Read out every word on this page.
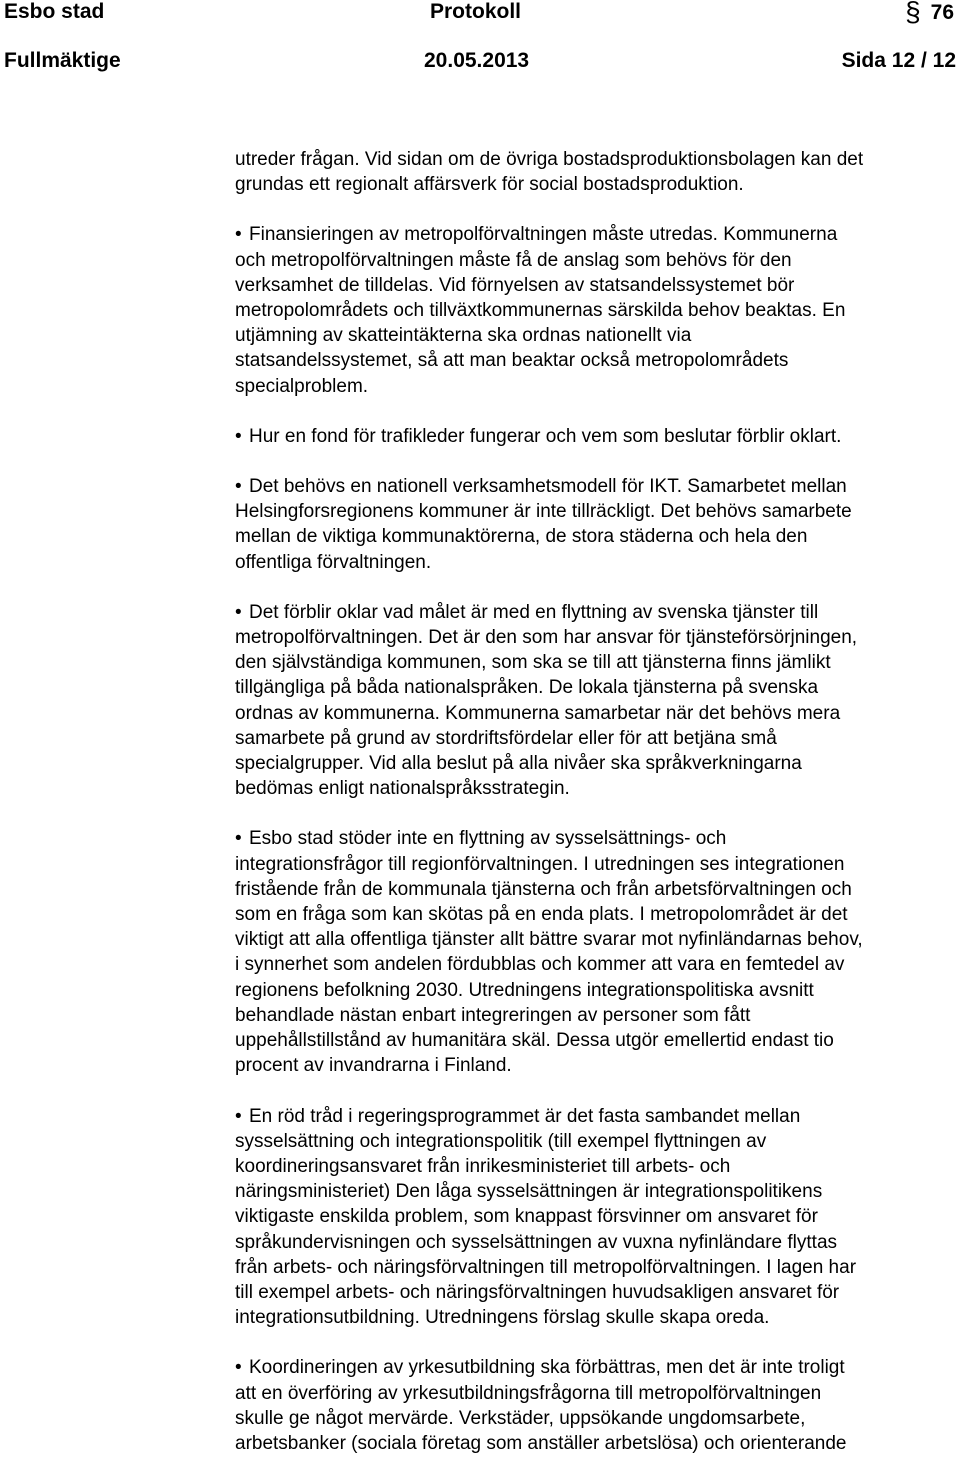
Esbo stad	Protokoll	§ 76
Fullmäktige	20.05.2013	Sida 12 / 12

utreder frågan. Vid sidan om de övriga bostadsproduktionsbolagen kan det
grundas ett regionalt affärsverk för social bostadsproduktion.

• Finansieringen av metropolförvaltningen måste utredas. Kommunerna
och metropolförvaltningen måste få de anslag som behövs för den
verksamhet de tilldelas. Vid förnyelsen av statsandelssystemet bör
metropolområdets och tillväxtkommunernas särskilda behov beaktas. En
utjämning av skatteintäkterna ska ordnas nationellt via
statsandelssystemet, så att man beaktar också metropolområdets
specialproblem.

• Hur en fond för trafikleder fungerar och vem som beslutar förblir oklart.

• Det behövs en nationell verksamhetsmodell för IKT. Samarbetet mellan
Helsingforsregionens kommuner är inte tillräckligt. Det behövs samarbete
mellan de viktiga kommunaktörerna, de stora städerna och hela den
offentliga förvaltningen.

• Det förblir oklar vad målet är med en flyttning av svenska tjänster till
metropolförvaltningen. Det är den som har ansvar för tjänsteförsörjningen,
den självständiga kommunen, som ska se till att tjänsterna finns jämlikt
tillgängliga på båda nationalspråken. De lokala tjänsterna på svenska
ordnas av kommunerna. Kommunerna samarbetar när det behövs mera
samarbete på grund av stordriftsfördelar eller för att betjäna små
specialgrupper. Vid alla beslut på alla nivåer ska språkverkningarna
bedömas enligt nationalspråksstrategin.

• Esbo stad stöder inte en flyttning av sysselsättnings- och
integrationsfrågor till regionförvaltningen. I utredningen ses integrationen
fristående från de kommunala tjänsterna och från arbetsförvaltningen och
som en fråga som kan skötas på en enda plats. I metropolområdet är det
viktigt att alla offentliga tjänster allt bättre svarar mot nyfinländarnas behov,
i synnerhet som andelen fördubblas och kommer att vara en femtedel av
regionens befolkning 2030. Utredningens integrationspolitiska avsnitt
behandlade nästan enbart integreringen av personer som fått
uppehållstillstånd av humanitära skäl. Dessa utgör emellertid endast tio
procent av invandrarna i Finland.

• En röd tråd i regeringsprogrammet är det fasta sambandet mellan
sysselsättning och integrationspolitik (till exempel flyttningen av
koordineringsansvaret från inrikesministeriet till arbets- och
näringsministeriet) Den låga sysselsättningen är integrationspolitikens
viktigaste enskilda problem, som knappast försvinner om ansvaret för
språkundervisningen och sysselsättningen av vuxna nyfinländare flyttas
från arbets- och näringsförvaltningen till metropolförvaltningen. I lagen har
till exempel arbets- och näringsförvaltningen huvudsakligen ansvaret för
integrationsutbildning. Utredningens förslag skulle skapa oreda.

• Koordineringen av yrkesutbildning ska förbättras, men det är inte troligt
att en överföring av yrkesutbildningsfrågorna till metropolförvaltningen
skulle ge något mervärde. Verkstäder, uppsökande ungdomsarbete,
arbetsbanker (sociala företag som anställer arbetslösa) och orienterande
